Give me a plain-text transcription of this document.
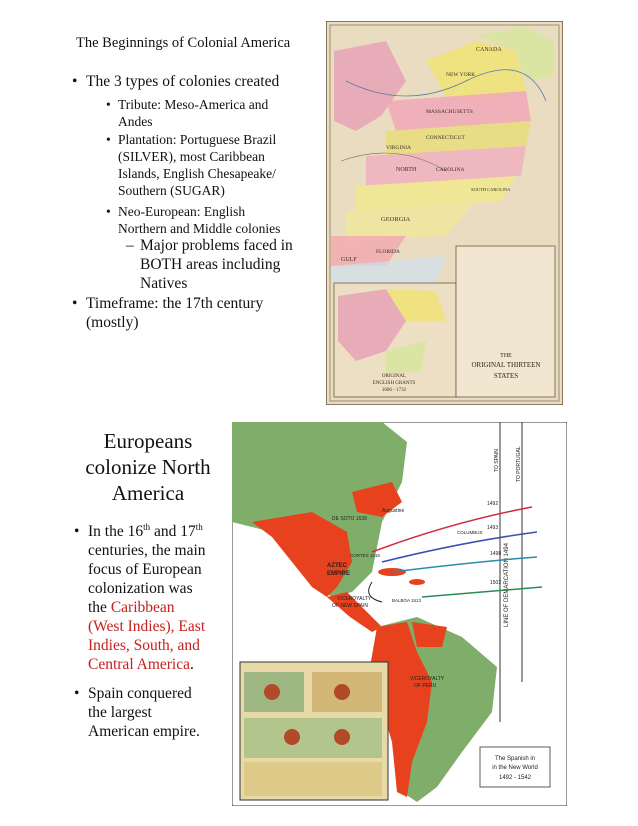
The Beginnings of Colonial America
• The 3 types of colonies created
• Tribute: Meso-America and
Andes
• Plantation: Portuguese Brazil
(SILVER), most Caribbean
Islands, English Chesapeake/
Southern (SUGAR)
• Neo-European: English
Northern and Middle colonies
– Major problems faced in
BOTH areas including
Natives
• Timeframe: the 17th century
(mostly)
CANADA
NEW YORK
MASSACHUSETTS
CONNECTICUT
NORTH	CAROLINA
SOUTH CAROLINA
GEORGIA
VIRGINIA
GULF
FLORIDA
ORIGINAL
ENGLISH GRANTS
1606 - 1732
THE
ORIGINAL THIRTEEN
STATES
Europeans
colonize North
America
• In the 16th and 17th
centuries, the main
focus of European
colonization was
the Caribbean
(West Indies), East
Indies, South, and
Central America.
• Spain conquered
the largest
American empire.
LINE OF DEMARCATION 1494
TO SPAIN	TO PORTUGAL
1492
1493
1498
1502
COLUMBUS
DE SOTO 1539
Augustine
AZTEC
EMPIRE
CORTES 1519
VICEROYALTY
OF NEW SPAIN
BALBOA 1513
VICEROYALTY
OF PERU
The Spanish in
in the New World
1492 - 1542
